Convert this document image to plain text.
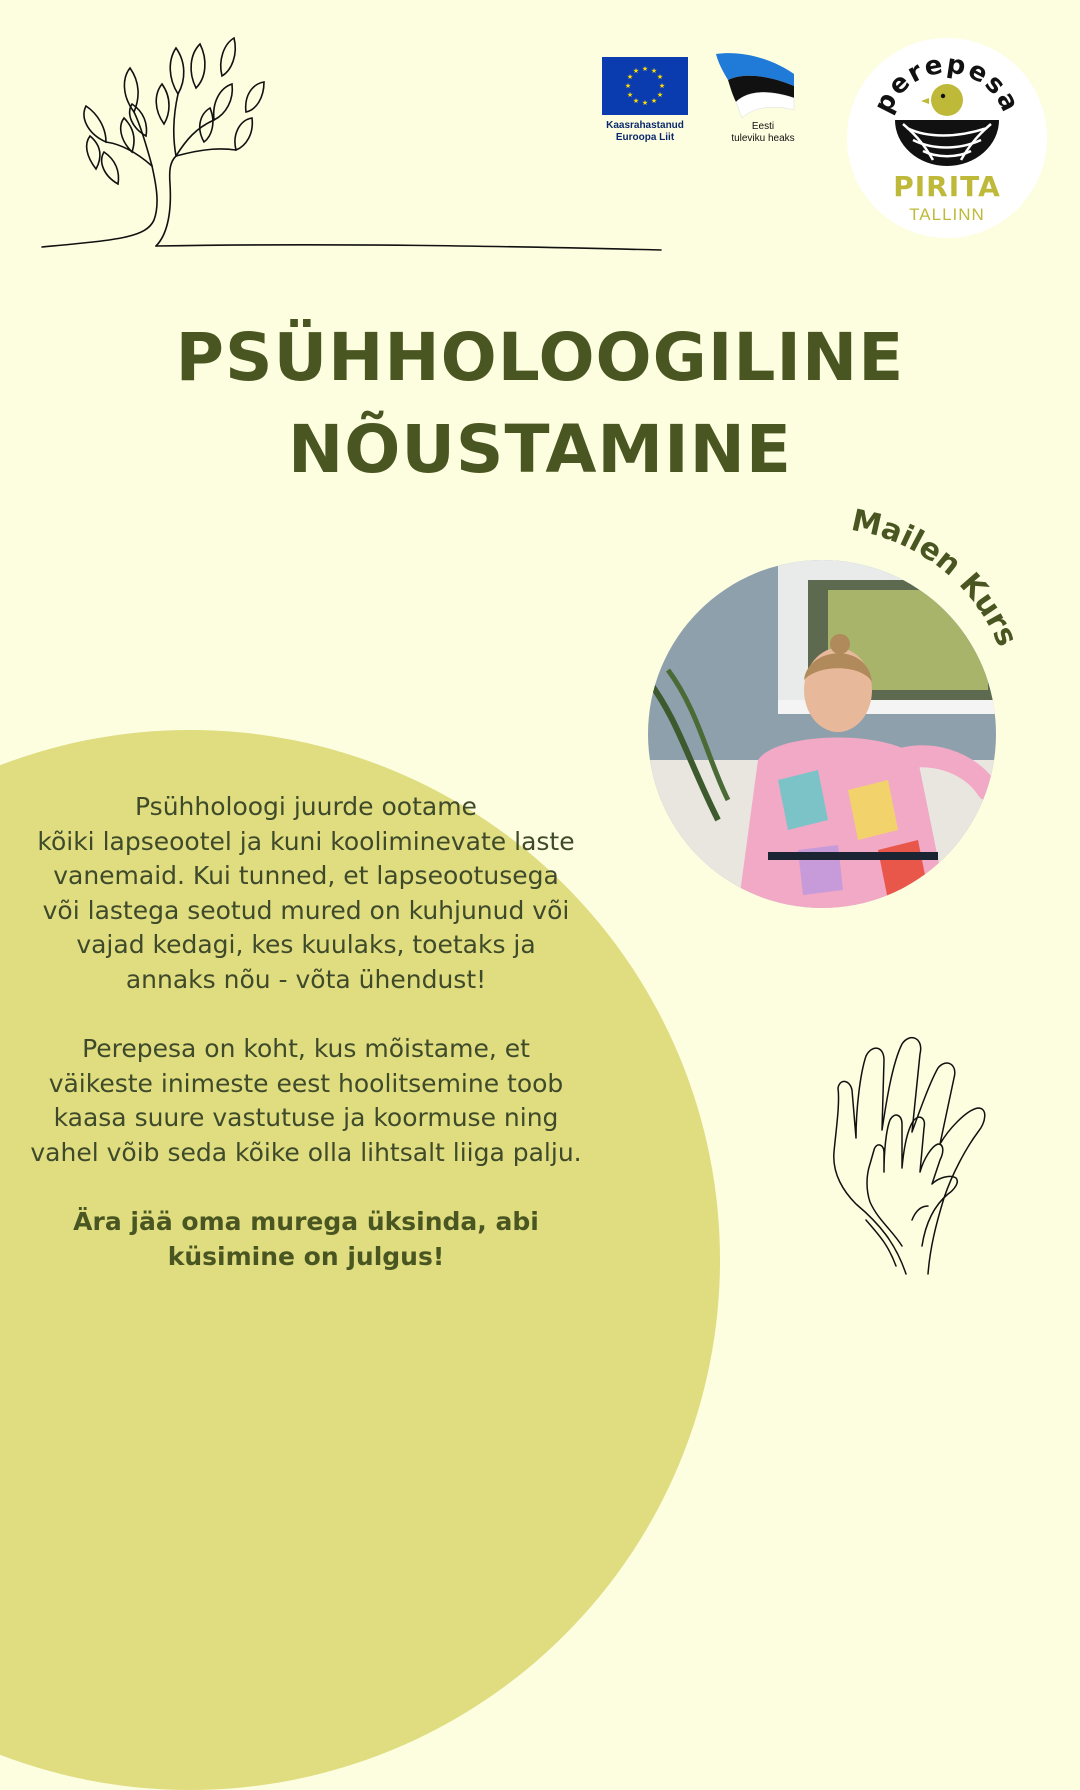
★ ★
★
★
★
★
★
★
★
★
★
★
Kaasrahastanud
Euroopa Liit
Eesti
tuleviku heaks
perepesa
PIRITA
TALLINN
PSÜHHOLOOGILINE
NÕUSTAMINE
Mailen Kurs

Psühholoogi juurde ootame
kõiki lapseootel ja kuni kooliminevate laste
vanemaid. Kui tunned, et lapseootusega
või lastega seotud mured on kuhjunud või
vajad kedagi, kes kuulaks, toetaks ja
annaks nõu - võta ühendust!

Perepesa on koht, kus mõistame, et
väikeste inimeste eest hoolitsemine toob
kaasa suure vastutuse ja koormuse ning
vahel võib seda kõike olla lihtsalt liiga palju.

Ära jää oma murega üksinda, abi
küsimine on julgus!
